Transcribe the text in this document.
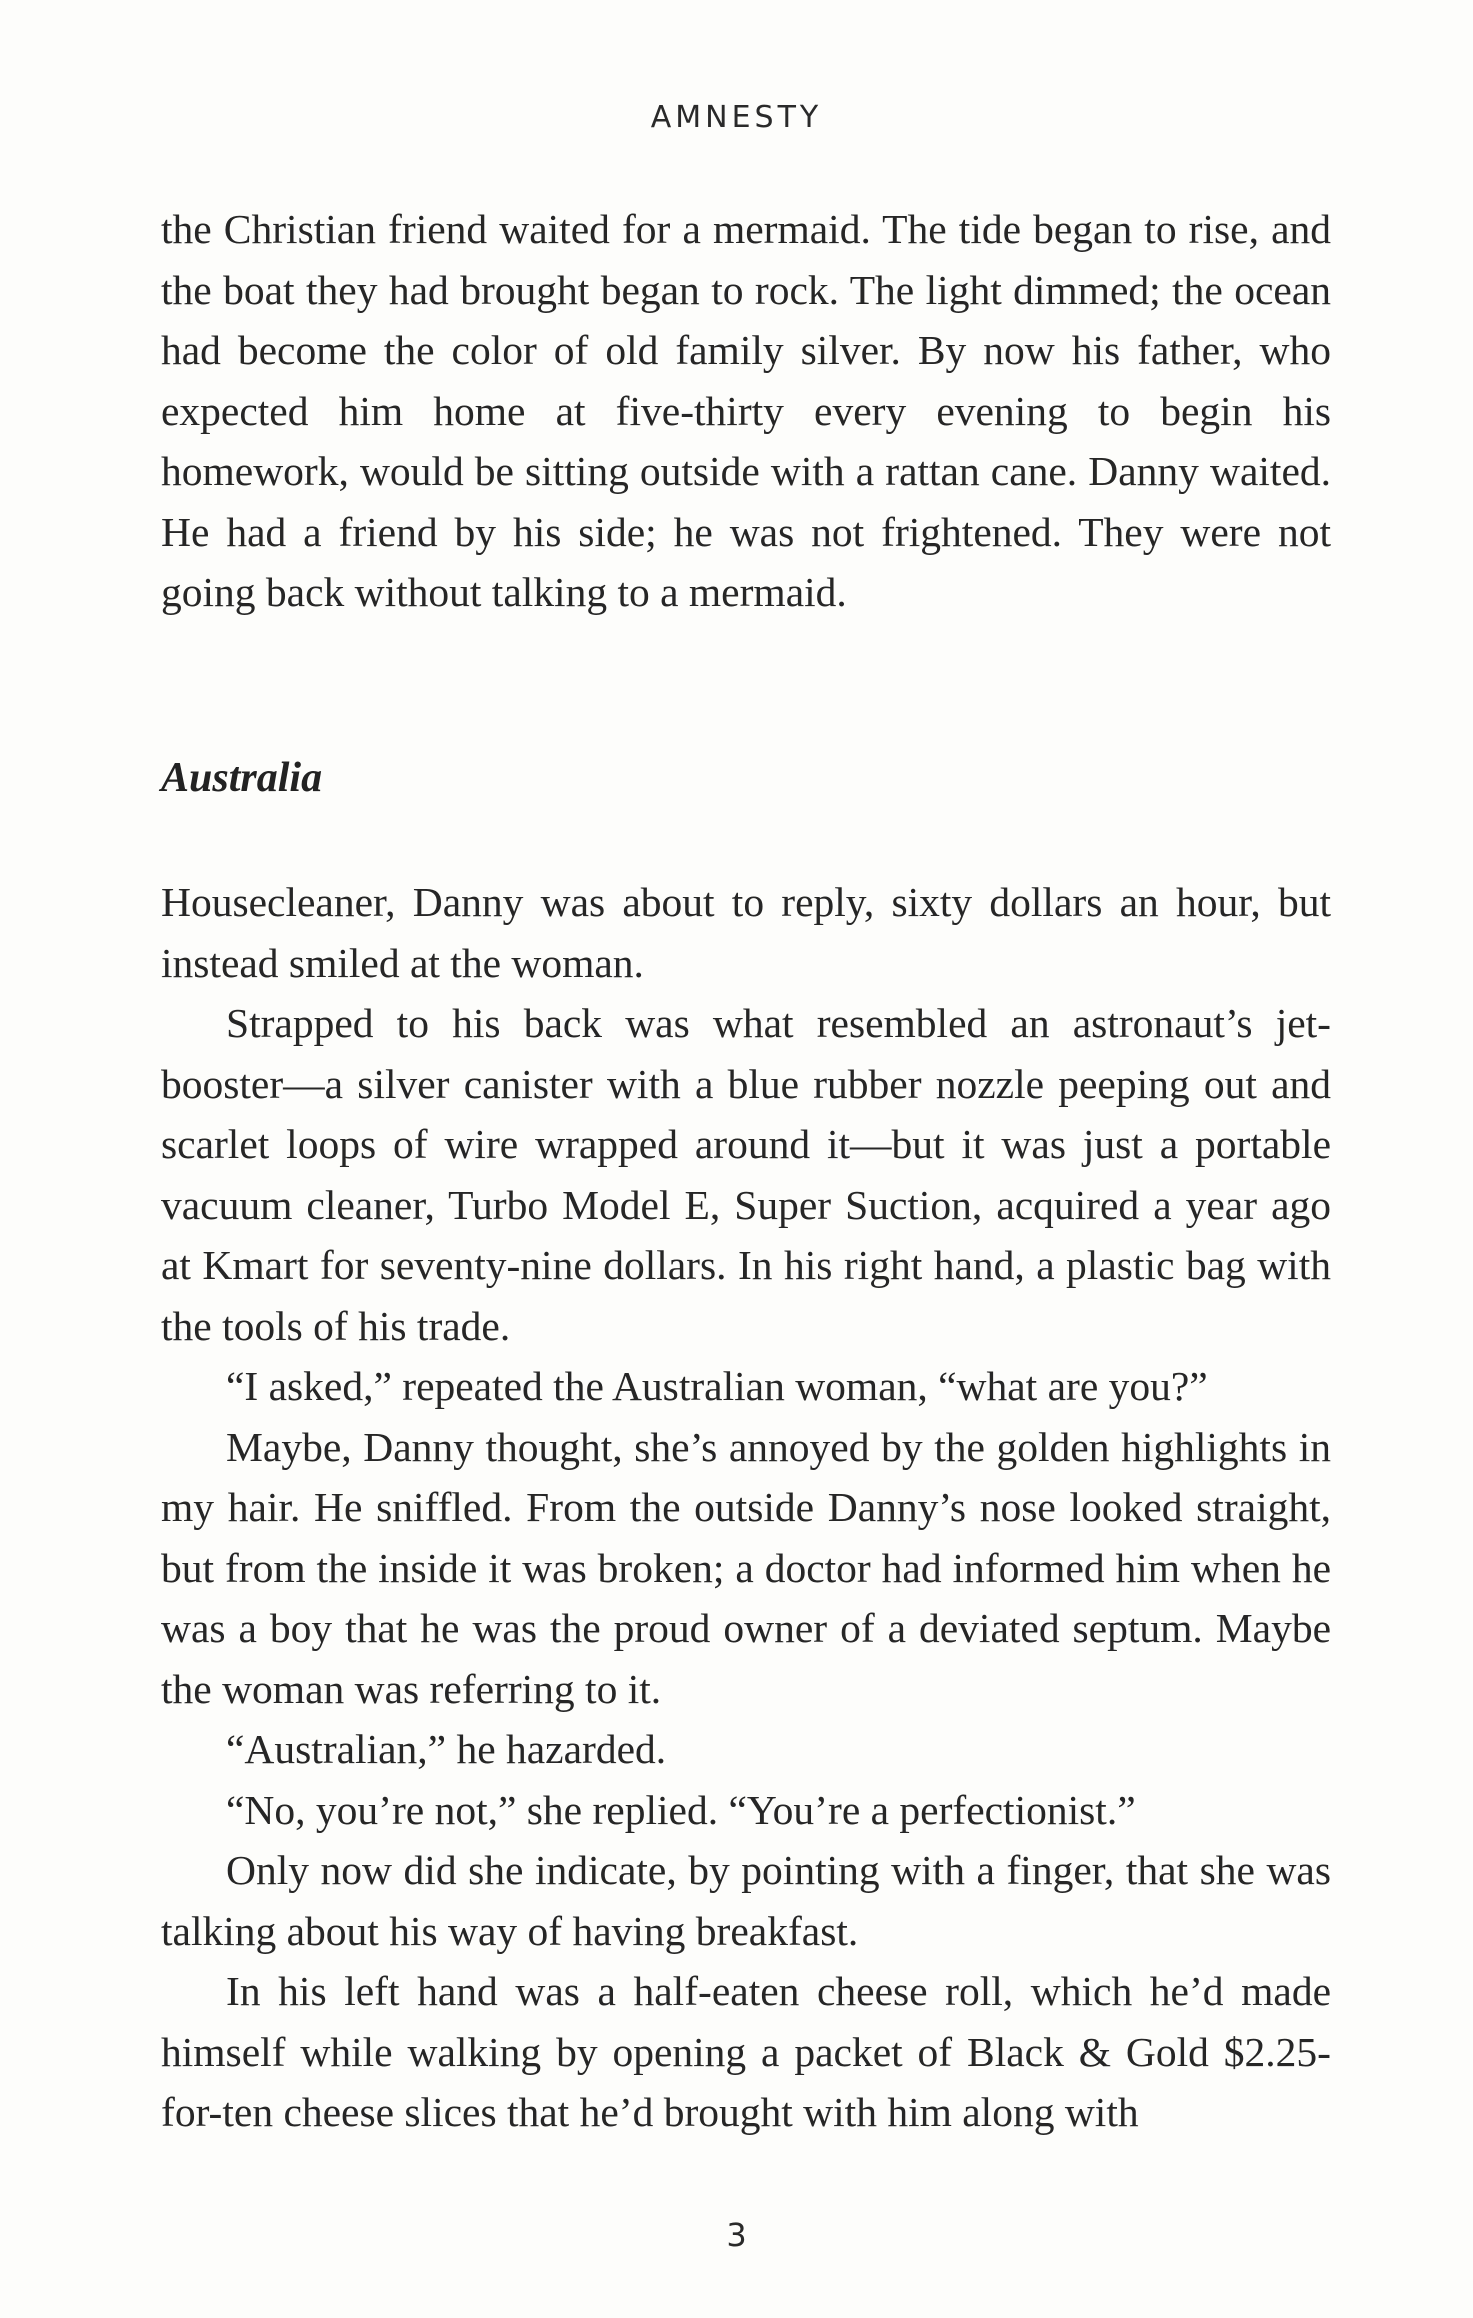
AMNESTY

the Christian friend waited for a mermaid. The tide began to rise, and the boat they had brought began to rock. The light dimmed; the ocean had become the color of old family silver. By now his father, who expected him home at five-thirty every evening to begin his homework, would be sitting outside with a rattan cane. Danny waited. He had a friend by his side; he was not frightened. They were not going back without talking to a mermaid.

Australia

Housecleaner, Danny was about to reply, sixty dollars an hour, but instead smiled at the woman.

Strapped to his back was what resembled an astronaut’s jet-booster—a silver canister with a blue rubber nozzle peeping out and scarlet loops of wire wrapped around it—but it was just a portable vacuum cleaner, Turbo Model E, Super Suction, acquired a year ago at Kmart for seventy-nine dollars. In his right hand, a plastic bag with the tools of his trade.

“I asked,” repeated the Australian woman, “what are you?”

Maybe, Danny thought, she’s annoyed by the golden highlights in my hair. He sniffled. From the outside Danny’s nose looked straight, but from the inside it was broken; a doctor had informed him when he was a boy that he was the proud owner of a deviated septum. Maybe the woman was referring to it.

“Australian,” he hazarded.

“No, you’re not,” she replied. “You’re a perfectionist.”

Only now did she indicate, by pointing with a finger, that she was talking about his way of having breakfast.

In his left hand was a half-eaten cheese roll, which he’d made himself while walking by opening a packet of Black & Gold $2.25-for-ten cheese slices that he’d brought with him along with

3
